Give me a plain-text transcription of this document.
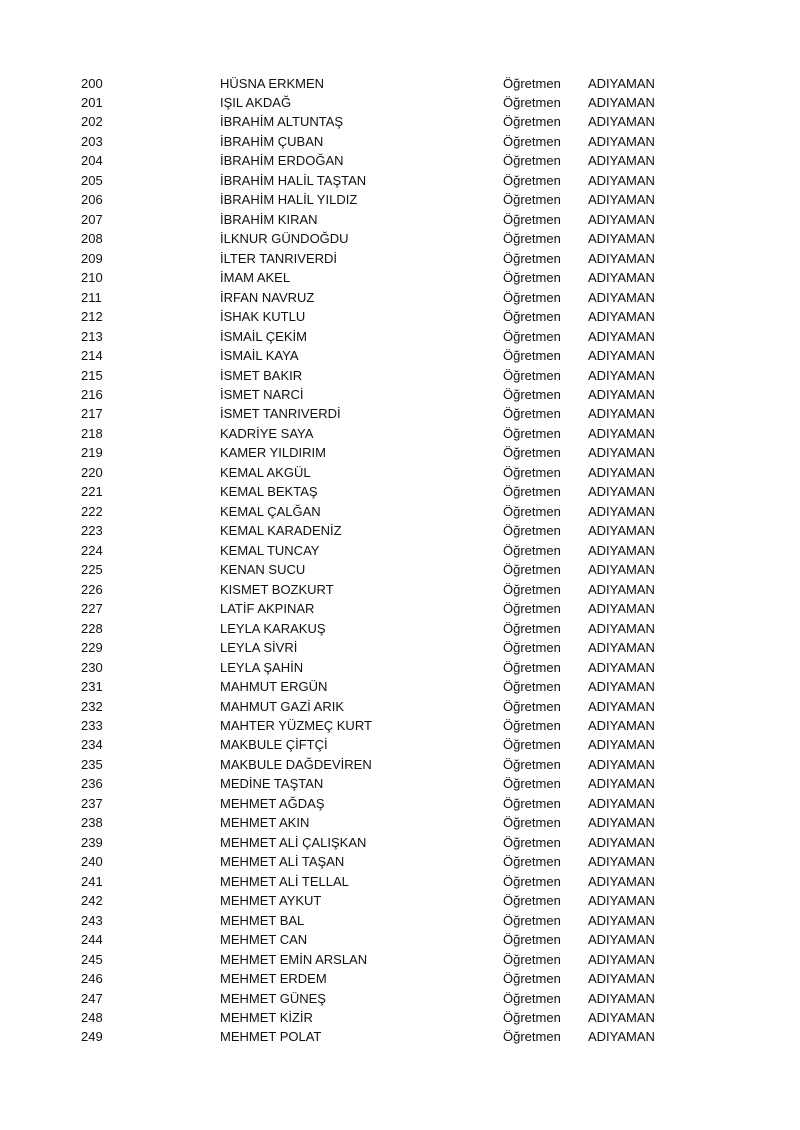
200	HÜSNA ERKMEN	Öğretmen ADIYAMAN
201	IŞIL AKDAĞ	Öğretmen ADIYAMAN
202	İBRAHİM ALTUNTAŞ	Öğretmen ADIYAMAN
203	İBRAHİM ÇUBAN	Öğretmen ADIYAMAN
204	İBRAHİM ERDOĞAN	Öğretmen ADIYAMAN
205	İBRAHİM HALİL TAŞTAN	Öğretmen ADIYAMAN
206	İBRAHİM HALİL YILDIZ	Öğretmen ADIYAMAN
207	İBRAHİM KIRAN	Öğretmen ADIYAMAN
208	İLKNUR GÜNDOĞDU	Öğretmen ADIYAMAN
209	İLTER TANRIVERDİ	Öğretmen ADIYAMAN
210	İMAM AKEL	Öğretmen ADIYAMAN
211	İRFAN NAVRUZ	Öğretmen ADIYAMAN
212	İSHAK KUTLU	Öğretmen ADIYAMAN
213	İSMAİL ÇEKİM	Öğretmen ADIYAMAN
214	İSMAİL KAYA	Öğretmen ADIYAMAN
215	İSMET BAKIR	Öğretmen ADIYAMAN
216	İSMET NARCİ	Öğretmen ADIYAMAN
217	İSMET TANRIVERDİ	Öğretmen ADIYAMAN
218	KADRİYE SAYA	Öğretmen ADIYAMAN
219	KAMER YILDIRIM	Öğretmen ADIYAMAN
220	KEMAL AKGÜL	Öğretmen ADIYAMAN
221	KEMAL BEKTAŞ	Öğretmen ADIYAMAN
222	KEMAL ÇALĞAN	Öğretmen ADIYAMAN
223	KEMAL KARADENİZ	Öğretmen ADIYAMAN
224	KEMAL TUNCAY	Öğretmen ADIYAMAN
225	KENAN SUCU	Öğretmen ADIYAMAN
226	KISMET BOZKURT	Öğretmen ADIYAMAN
227	LATİF AKPINAR	Öğretmen ADIYAMAN
228	LEYLA KARAKUŞ	Öğretmen ADIYAMAN
229	LEYLA SİVRİ	Öğretmen ADIYAMAN
230	LEYLA ŞAHİN	Öğretmen ADIYAMAN
231	MAHMUT ERGÜN	Öğretmen ADIYAMAN
232	MAHMUT GAZİ ARIK	Öğretmen ADIYAMAN
233	MAHTER YÜZMEÇ KURT	Öğretmen ADIYAMAN
234	MAKBULE ÇİFTÇİ	Öğretmen ADIYAMAN
235	MAKBULE DAĞDEVİREN	Öğretmen ADIYAMAN
236	MEDİNE TAŞTAN	Öğretmen ADIYAMAN
237	MEHMET AĞDAŞ	Öğretmen ADIYAMAN
238	MEHMET AKIN	Öğretmen ADIYAMAN
239	MEHMET ALİ ÇALIŞKAN	Öğretmen ADIYAMAN
240	MEHMET ALİ TAŞAN	Öğretmen ADIYAMAN
241	MEHMET ALİ TELLAL	Öğretmen ADIYAMAN
242	MEHMET AYKUT	Öğretmen ADIYAMAN
243	MEHMET BAL	Öğretmen ADIYAMAN
244	MEHMET CAN	Öğretmen ADIYAMAN
245	MEHMET EMİN ARSLAN	Öğretmen ADIYAMAN
246	MEHMET ERDEM	Öğretmen ADIYAMAN
247	MEHMET GÜNEŞ	Öğretmen ADIYAMAN
248	MEHMET KİZİR	Öğretmen ADIYAMAN
249	MEHMET POLAT	Öğretmen ADIYAMAN
